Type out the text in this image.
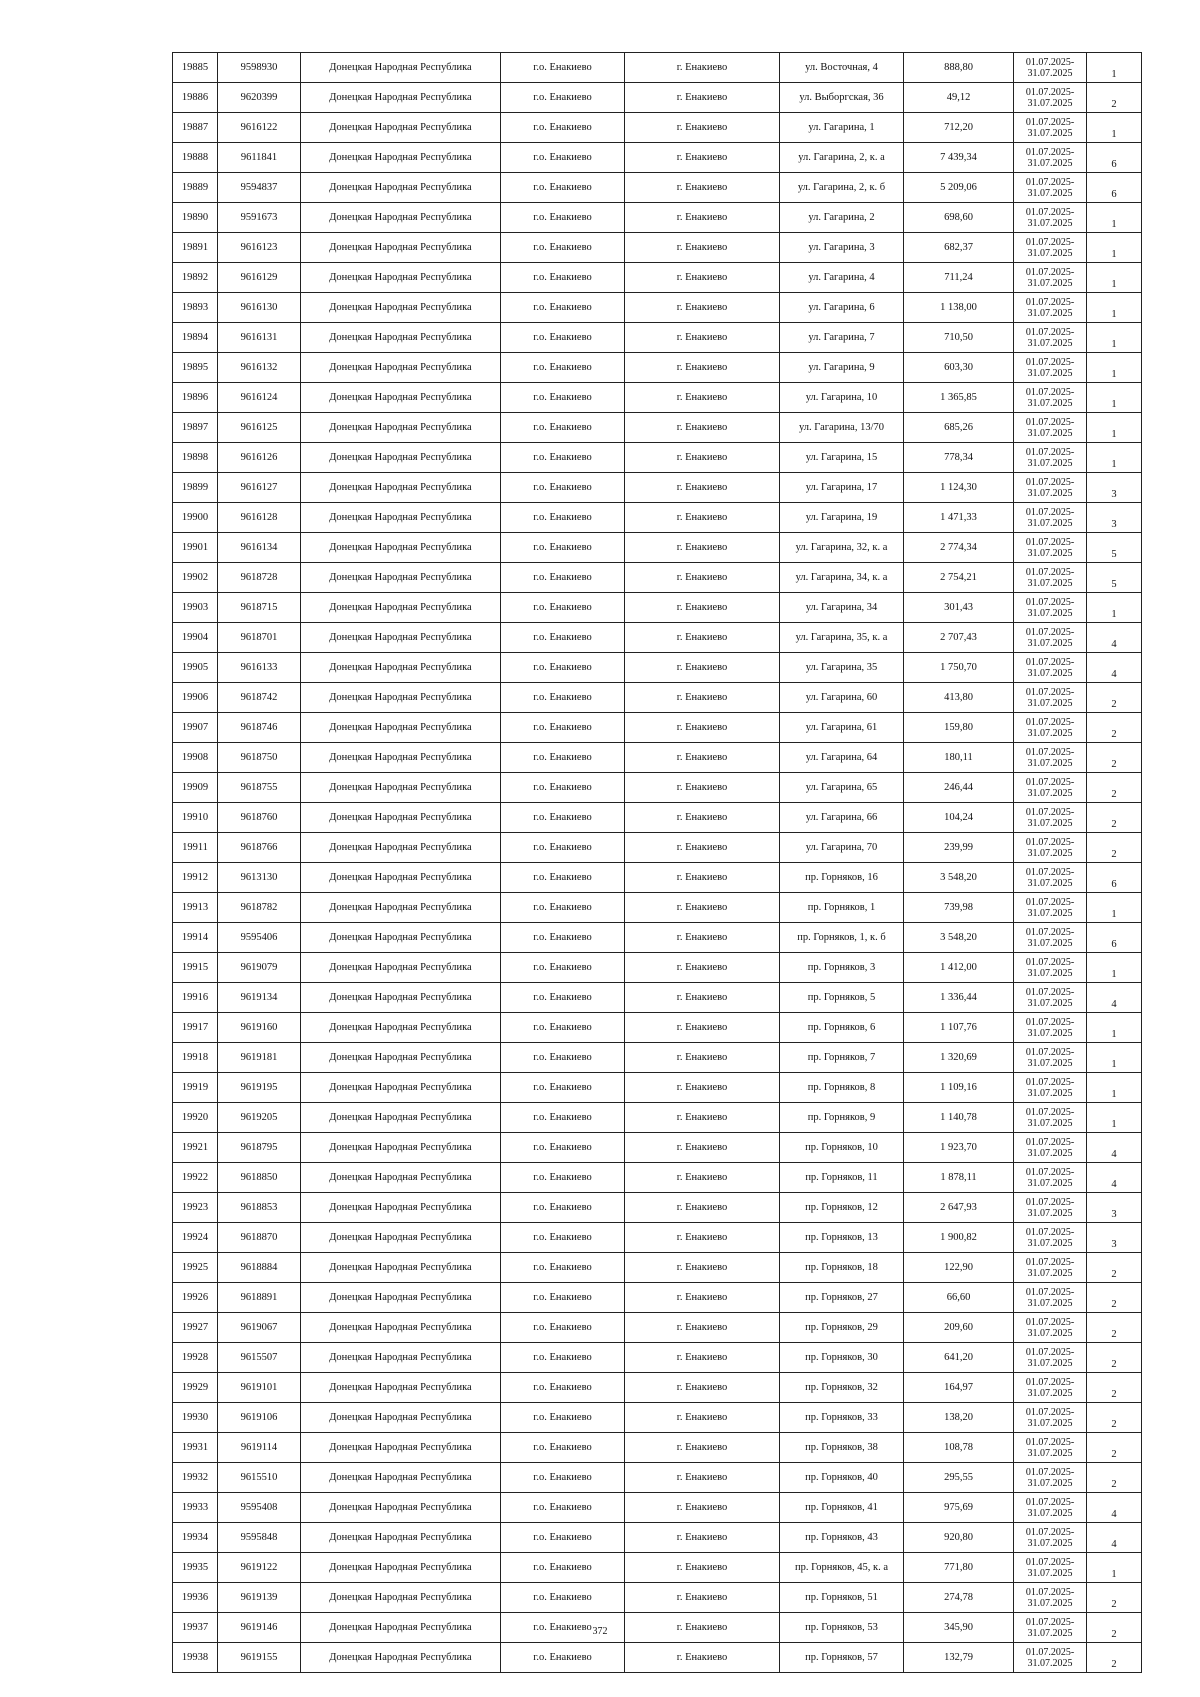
19885	9598930	Донецкая Народная Республика	г.о. Енакиево	г. Енакиево	ул. Восточная, 4	888,80	01.07.2025-
31.07.2025	1
19886	9620399	Донецкая Народная Республика	г.о. Енакиево	г. Енакиево	ул. Выборгская, 36	49,12	01.07.2025-
31.07.2025	2
19887	9616122	Донецкая Народная Республика	г.о. Енакиево	г. Енакиево	ул. Гагарина, 1	712,20	01.07.2025-
31.07.2025	1
19888	9611841	Донецкая Народная Республика	г.о. Енакиево	г. Енакиево	ул. Гагарина, 2, к. а	7 439,34	01.07.2025-
31.07.2025	6
19889	9594837	Донецкая Народная Республика	г.о. Енакиево	г. Енакиево	ул. Гагарина, 2, к. б	5 209,06	01.07.2025-
31.07.2025	6
19890	9591673	Донецкая Народная Республика	г.о. Енакиево	г. Енакиево	ул. Гагарина, 2	698,60	01.07.2025-
31.07.2025	1
19891	9616123	Донецкая Народная Республика	г.о. Енакиево	г. Енакиево	ул. Гагарина, 3	682,37	01.07.2025-
31.07.2025	1
19892	9616129	Донецкая Народная Республика	г.о. Енакиево	г. Енакиево	ул. Гагарина, 4	711,24	01.07.2025-
31.07.2025	1
19893	9616130	Донецкая Народная Республика	г.о. Енакиево	г. Енакиево	ул. Гагарина, 6	1 138,00	01.07.2025-
31.07.2025	1
19894	9616131	Донецкая Народная Республика	г.о. Енакиево	г. Енакиево	ул. Гагарина, 7	710,50	01.07.2025-
31.07.2025	1
19895	9616132	Донецкая Народная Республика	г.о. Енакиево	г. Енакиево	ул. Гагарина, 9	603,30	01.07.2025-
31.07.2025	1
19896	9616124	Донецкая Народная Республика	г.о. Енакиево	г. Енакиево	ул. Гагарина, 10	1 365,85	01.07.2025-
31.07.2025	1
19897	9616125	Донецкая Народная Республика	г.о. Енакиево	г. Енакиево	ул. Гагарина, 13/70	685,26	01.07.2025-
31.07.2025	1
19898	9616126	Донецкая Народная Республика	г.о. Енакиево	г. Енакиево	ул. Гагарина, 15	778,34	01.07.2025-
31.07.2025	1
19899	9616127	Донецкая Народная Республика	г.о. Енакиево	г. Енакиево	ул. Гагарина, 17	1 124,30	01.07.2025-
31.07.2025	3
19900	9616128	Донецкая Народная Республика	г.о. Енакиево	г. Енакиево	ул. Гагарина, 19	1 471,33	01.07.2025-
31.07.2025	3
19901	9616134	Донецкая Народная Республика	г.о. Енакиево	г. Енакиево	ул. Гагарина, 32, к. а	2 774,34	01.07.2025-
31.07.2025	5
19902	9618728	Донецкая Народная Республика	г.о. Енакиево	г. Енакиево	ул. Гагарина, 34, к. а	2 754,21	01.07.2025-
31.07.2025	5
19903	9618715	Донецкая Народная Республика	г.о. Енакиево	г. Енакиево	ул. Гагарина, 34	301,43	01.07.2025-
31.07.2025	1
19904	9618701	Донецкая Народная Республика	г.о. Енакиево	г. Енакиево	ул. Гагарина, 35, к. а	2 707,43	01.07.2025-
31.07.2025	4
19905	9616133	Донецкая Народная Республика	г.о. Енакиево	г. Енакиево	ул. Гагарина, 35	1 750,70	01.07.2025-
31.07.2025	4
19906	9618742	Донецкая Народная Республика	г.о. Енакиево	г. Енакиево	ул. Гагарина, 60	413,80	01.07.2025-
31.07.2025	2
19907	9618746	Донецкая Народная Республика	г.о. Енакиево	г. Енакиево	ул. Гагарина, 61	159,80	01.07.2025-
31.07.2025	2
19908	9618750	Донецкая Народная Республика	г.о. Енакиево	г. Енакиево	ул. Гагарина, 64	180,11	01.07.2025-
31.07.2025	2
19909	9618755	Донецкая Народная Республика	г.о. Енакиево	г. Енакиево	ул. Гагарина, 65	246,44	01.07.2025-
31.07.2025	2
19910	9618760	Донецкая Народная Республика	г.о. Енакиево	г. Енакиево	ул. Гагарина, 66	104,24	01.07.2025-
31.07.2025	2
19911	9618766	Донецкая Народная Республика	г.о. Енакиево	г. Енакиево	ул. Гагарина, 70	239,99	01.07.2025-
31.07.2025	2
19912	9613130	Донецкая Народная Республика	г.о. Енакиево	г. Енакиево	пр. Горняков, 16	3 548,20	01.07.2025-
31.07.2025	6
19913	9618782	Донецкая Народная Республика	г.о. Енакиево	г. Енакиево	пр. Горняков, 1	739,98	01.07.2025-
31.07.2025	1
19914	9595406	Донецкая Народная Республика	г.о. Енакиево	г. Енакиево	пр. Горняков, 1, к. б	3 548,20	01.07.2025-
31.07.2025	6
19915	9619079	Донецкая Народная Республика	г.о. Енакиево	г. Енакиево	пр. Горняков, 3	1 412,00	01.07.2025-
31.07.2025	1
19916	9619134	Донецкая Народная Республика	г.о. Енакиево	г. Енакиево	пр. Горняков, 5	1 336,44	01.07.2025-
31.07.2025	4
19917	9619160	Донецкая Народная Республика	г.о. Енакиево	г. Енакиево	пр. Горняков, 6	1 107,76	01.07.2025-
31.07.2025	1
19918	9619181	Донецкая Народная Республика	г.о. Енакиево	г. Енакиево	пр. Горняков, 7	1 320,69	01.07.2025-
31.07.2025	1
19919	9619195	Донецкая Народная Республика	г.о. Енакиево	г. Енакиево	пр. Горняков, 8	1 109,16	01.07.2025-
31.07.2025	1
19920	9619205	Донецкая Народная Республика	г.о. Енакиево	г. Енакиево	пр. Горняков, 9	1 140,78	01.07.2025-
31.07.2025	1
19921	9618795	Донецкая Народная Республика	г.о. Енакиево	г. Енакиево	пр. Горняков, 10	1 923,70	01.07.2025-
31.07.2025	4
19922	9618850	Донецкая Народная Республика	г.о. Енакиево	г. Енакиево	пр. Горняков, 11	1 878,11	01.07.2025-
31.07.2025	4
19923	9618853	Донецкая Народная Республика	г.о. Енакиево	г. Енакиево	пр. Горняков, 12	2 647,93	01.07.2025-
31.07.2025	3
19924	9618870	Донецкая Народная Республика	г.о. Енакиево	г. Енакиево	пр. Горняков, 13	1 900,82	01.07.2025-
31.07.2025	3
19925	9618884	Донецкая Народная Республика	г.о. Енакиево	г. Енакиево	пр. Горняков, 18	122,90	01.07.2025-
31.07.2025	2
19926	9618891	Донецкая Народная Республика	г.о. Енакиево	г. Енакиево	пр. Горняков, 27	66,60	01.07.2025-
31.07.2025	2
19927	9619067	Донецкая Народная Республика	г.о. Енакиево	г. Енакиево	пр. Горняков, 29	209,60	01.07.2025-
31.07.2025	2
19928	9615507	Донецкая Народная Республика	г.о. Енакиево	г. Енакиево	пр. Горняков, 30	641,20	01.07.2025-
31.07.2025	2
19929	9619101	Донецкая Народная Республика	г.о. Енакиево	г. Енакиево	пр. Горняков, 32	164,97	01.07.2025-
31.07.2025	2
19930	9619106	Донецкая Народная Республика	г.о. Енакиево	г. Енакиево	пр. Горняков, 33	138,20	01.07.2025-
31.07.2025	2
19931	9619114	Донецкая Народная Республика	г.о. Енакиево	г. Енакиево	пр. Горняков, 38	108,78	01.07.2025-
31.07.2025	2
19932	9615510	Донецкая Народная Республика	г.о. Енакиево	г. Енакиево	пр. Горняков, 40	295,55	01.07.2025-
31.07.2025	2
19933	9595408	Донецкая Народная Республика	г.о. Енакиево	г. Енакиево	пр. Горняков, 41	975,69	01.07.2025-
31.07.2025	4
19934	9595848	Донецкая Народная Республика	г.о. Енакиево	г. Енакиево	пр. Горняков, 43	920,80	01.07.2025-
31.07.2025	4
19935	9619122	Донецкая Народная Республика	г.о. Енакиево	г. Енакиево	пр. Горняков, 45, к. а	771,80	01.07.2025-
31.07.2025	1
19936	9619139	Донецкая Народная Республика	г.о. Енакиево	г. Енакиево	пр. Горняков, 51	274,78	01.07.2025-
31.07.2025	2
19937	9619146	Донецкая Народная Республика	г.о. Енакиево	г. Енакиево	пр. Горняков, 53	345,90	01.07.2025-
31.07.2025	2
19938	9619155	Донецкая Народная Республика	г.о. Енакиево	г. Енакиево	пр. Горняков, 57	132,79	01.07.2025-
31.07.2025	2
372
